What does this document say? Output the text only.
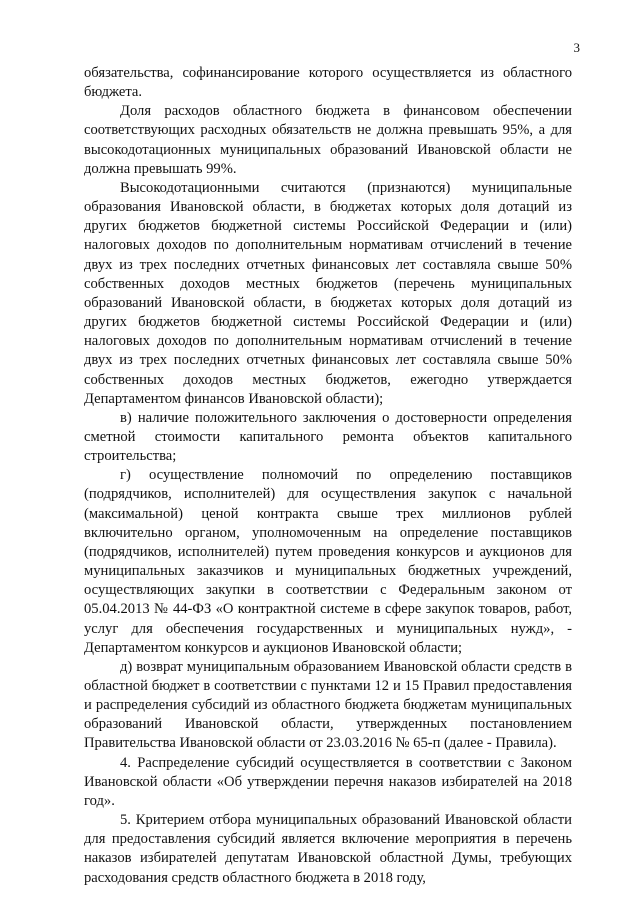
3

обязательства, софинансирование которого осуществляется из областного бюджета.

Доля расходов областного бюджета в финансовом обеспечении соответствующих расходных обязательств не должна превышать 95%, а для высокодотационных муниципальных образований Ивановской области не должна превышать 99%.

Высокодотационными считаются (признаются) муниципальные образования Ивановской области, в бюджетах которых доля дотаций из других бюджетов бюджетной системы Российской Федерации и (или) налоговых доходов по дополнительным нормативам отчислений в течение двух из трех последних отчетных финансовых лет составляла свыше 50% собственных доходов местных бюджетов (перечень муниципальных образований Ивановской области, в бюджетах которых доля дотаций из других бюджетов бюджетной системы Российской Федерации и (или) налоговых доходов по дополнительным нормативам отчислений в течение двух из трех последних отчетных финансовых лет составляла свыше 50% собственных доходов местных бюджетов, ежегодно утверждается Департаментом финансов Ивановской области);

в) наличие положительного заключения о достоверности определения сметной стоимости капитального ремонта объектов капитального строительства;

г) осуществление полномочий по определению поставщиков (подрядчиков, исполнителей) для осуществления закупок с начальной (максимальной) ценой контракта свыше трех миллионов рублей включительно органом, уполномоченным на определение поставщиков (подрядчиков, исполнителей) путем проведения конкурсов и аукционов для муниципальных заказчиков и муниципальных бюджетных учреждений, осуществляющих закупки в соответствии с Федеральным законом от 05.04.2013 № 44-ФЗ «О контрактной системе в сфере закупок товаров, работ, услуг для обеспечения государственных и муниципальных нужд», - Департаментом конкурсов и аукционов Ивановской области;

д) возврат муниципальным образованием Ивановской области средств в областной бюджет в соответствии с пунктами 12 и 15 Правил предоставления и распределения субсидий из областного бюджета бюджетам муниципальных образований Ивановской области, утвержденных постановлением Правительства Ивановской области от 23.03.2016 № 65-п (далее - Правила).

4. Распределение субсидий осуществляется в соответствии с Законом Ивановской области «Об утверждении перечня наказов избирателей на 2018 год».

5. Критерием отбора муниципальных образований Ивановской области для предоставления субсидий является включение мероприятия в перечень наказов избирателей депутатам Ивановской областной Думы, требующих расходования средств областного бюджета в 2018 году,
